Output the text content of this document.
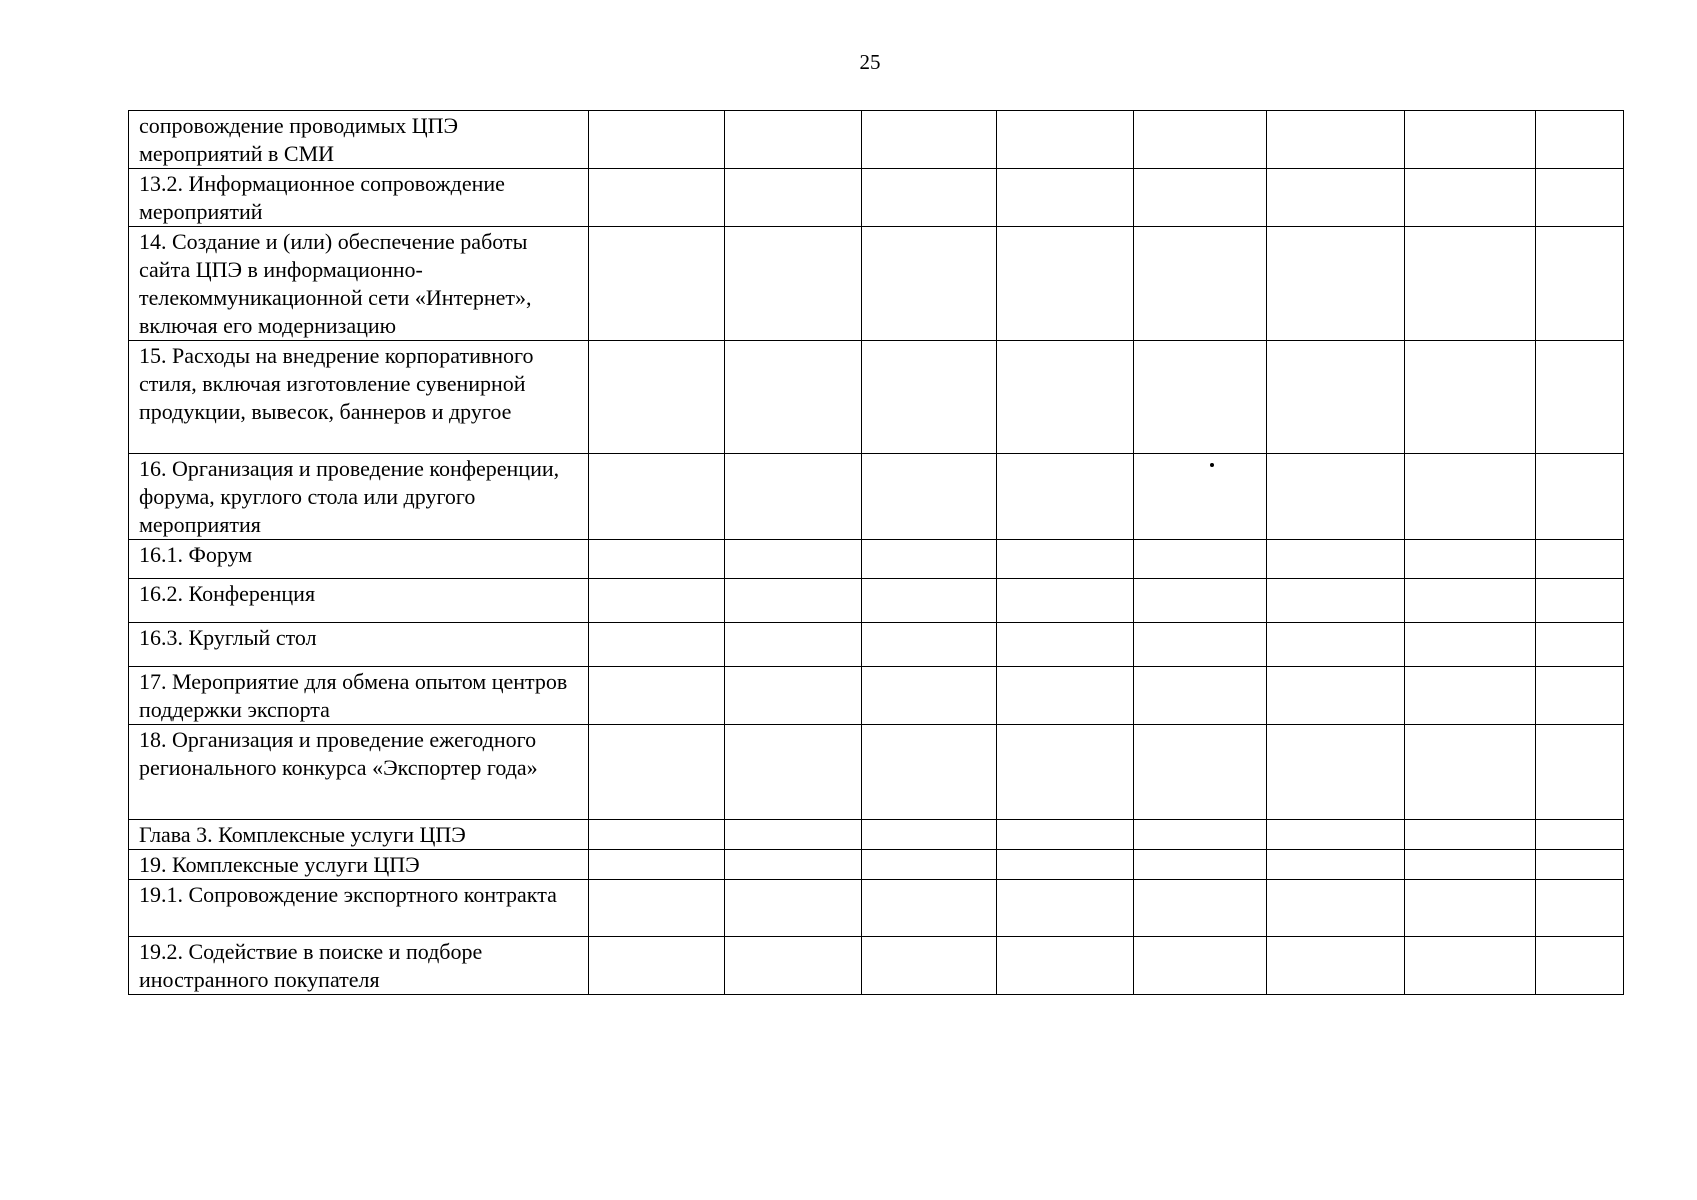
25
сопровождение проводимых ЦПЭ мероприятий в СМИ								
13.2. Информационное сопровождение мероприятий								
14. Создание и (или) обеспечение работы сайта ЦПЭ в информационно-телекоммуникационной сети «Интернет», включая его модернизацию								
15. Расходы на внедрение корпоративного стиля, включая изготовление сувенирной продукции, вывесок, баннеров и другое								
16. Организация и проведение конференции, форума, круглого стола или другого мероприятия								
16.1. Форум								
16.2. Конференция								
16.3. Круглый стол								
17. Мероприятие для обмена опытом центров поддержки экспорта								
18. Организация и проведение ежегодного регионального конкурса «Экспортер года»								
Глава 3. Комплексные услуги ЦПЭ								
19. Комплексные услуги ЦПЭ								
19.1. Сопровождение экспортного контракта								
19.2. Содействие в поиске и подборе иностранного покупателя								
